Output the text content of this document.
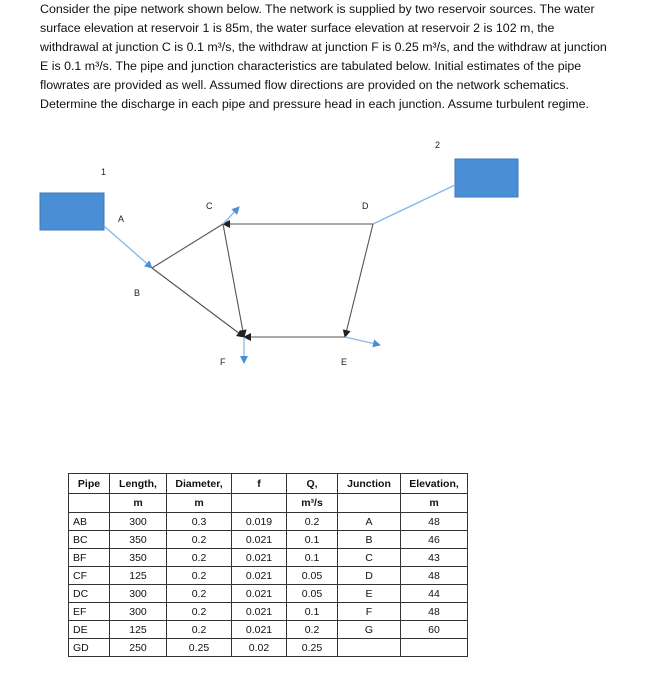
Consider the pipe network shown below. The network is supplied by two reservoir sources. The water surface elevation at reservoir 1 is 85m, the water surface elevation at reservoir 2 is 102 m, the withdrawal at junction C is 0.1 m³/s, the withdraw at junction F is 0.25 m³/s, and the withdraw at junction E is 0.1 m³/s. The pipe and junction characteristics are tabulated below. Initial estimates of the pipe flowrates are provided as well. Assumed flow directions are provided on the network schematics. Determine the discharge in each pipe and pressure head in each junction. Assume turbulent regime.

1
2
A
B
C	D
E
F
Pipe	Length,	Diameter,	f	Q,	Junction	Elevation,
	m	m		m³/s		m
AB	300	0.3	0.019	0.2	A	48
BC	350	0.2	0.021	0.1	B	46
BF	350	0.2	0.021	0.1	C	43
CF	125	0.2	0.021	0.05	D	48
DC	300	0.2	0.021	0.05	E	44
EF	300	0.2	0.021	0.1	F	48
DE	125	0.2	0.021	0.2	G	60
GD	250	0.25	0.02	0.25		
